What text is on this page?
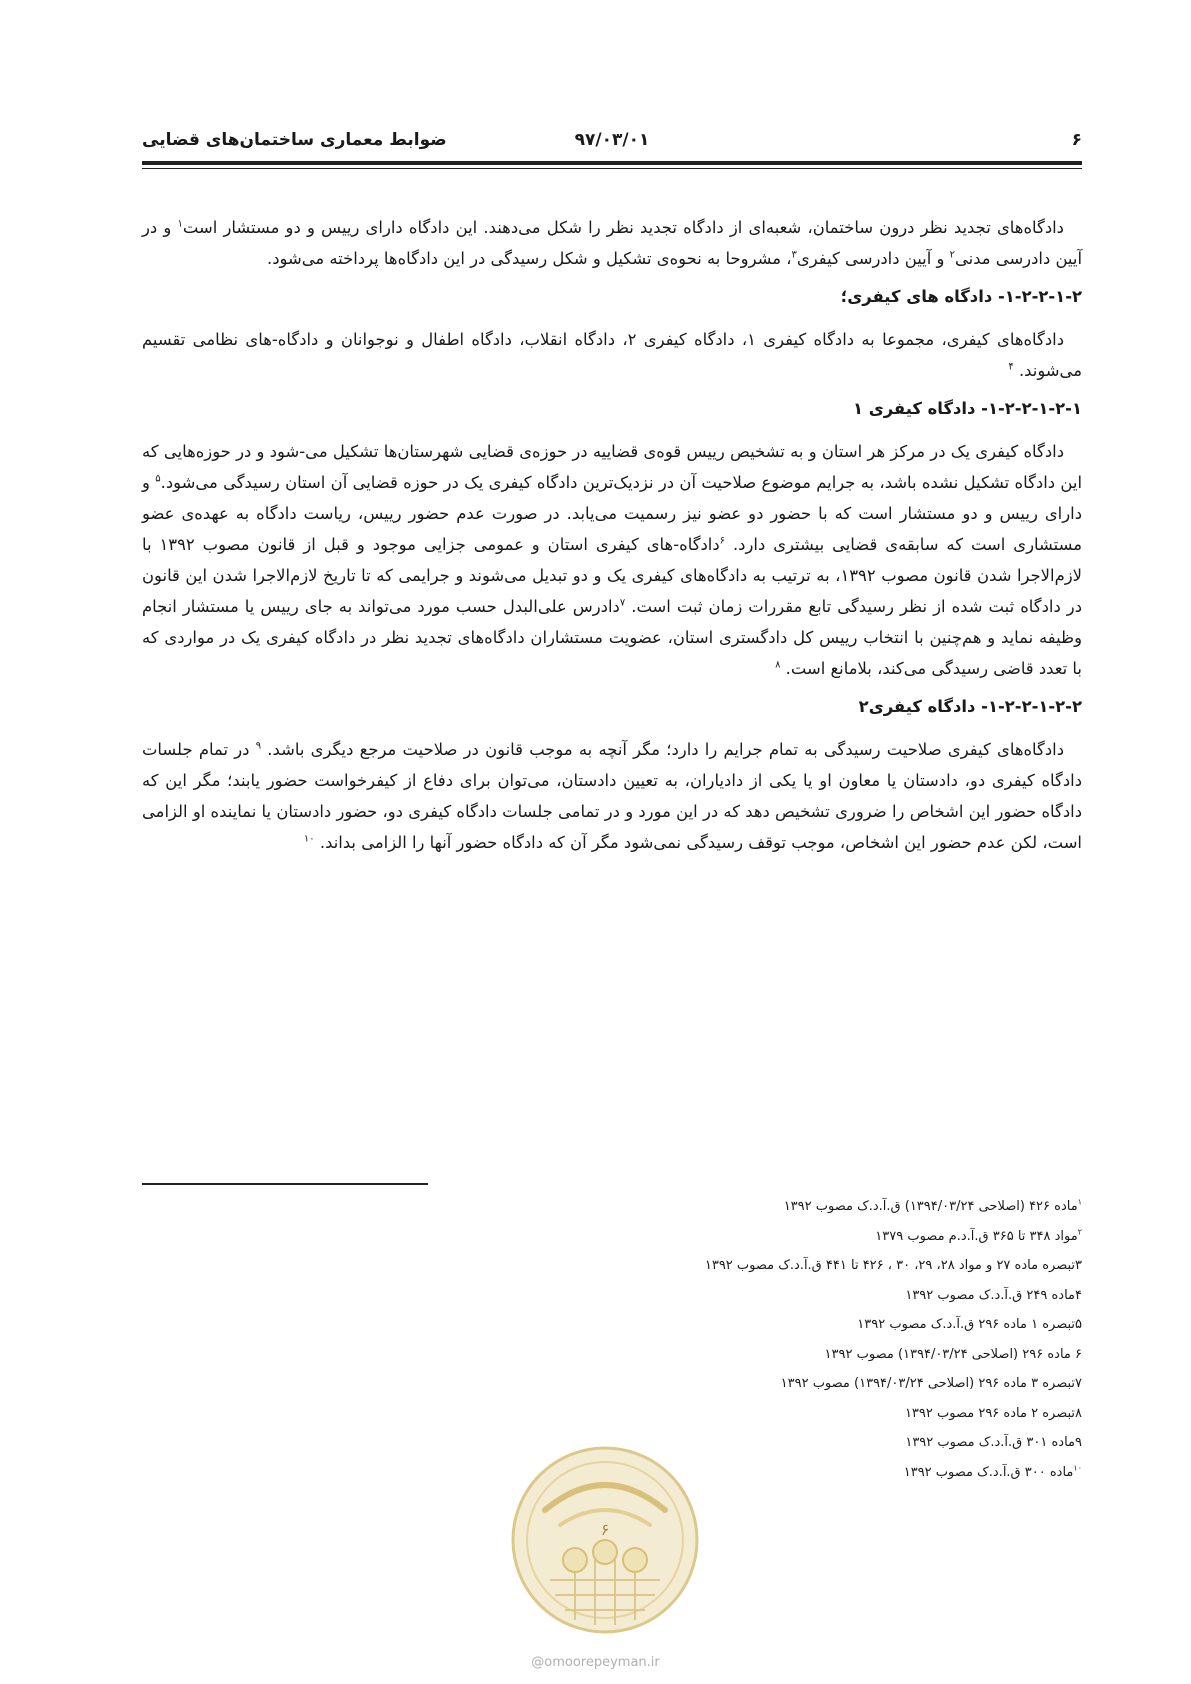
۶
۹۷/۰۳/۰۱
ضوابط معماری ساختمان‌های قضایی

دادگاه‌های تجدید نظر درون ساختمان، شعبه‌ای از دادگاه تجدید نظر را شکل می‌دهند. این دادگاه دارای رییس و دو مستشار است$^۱$ و در آیین دادرسی مدنی$^۲$ و آیین دادرسی کیفری$^۳$، مشروحا به نحوه‌ی تشکیل و شکل رسیدگی در این دادگاه‌ها پرداخته می‌شود.

۱-۲-۲-۱-۲- دادگاه های کیفری؛

دادگاه‌های کیفری، مجموعا به دادگاه کیفری ۱، دادگاه کیفری ۲، دادگاه انقلاب، دادگاه اطفال و نوجوانان و دادگاه-های نظامی تقسیم می‌شوند. $^۴$

۱-۲-۲-۱-۲-۱- دادگاه کیفری ۱

دادگاه کیفری یک در مرکز هر استان و به تشخیص رییس قوه‌ی قضاییه در حوزه‌ی قضایی شهرستان‌ها تشکیل می-شود و در حوزه‌هایی که این دادگاه تشکیل نشده باشد، به جرایم موضوع صلاحیت آن در نزدیک‌ترین دادگاه کیفری یک در حوزه قضایی آن استان رسیدگی می‌شود.$^۵$ و دارای رییس و دو مستشار است که با حضور دو عضو نیز رسمیت می‌یابد. در صورت عدم حضور رییس، ریاست دادگاه به عهده‌ی عضو مستشاری است که سابقه‌ی قضایی بیشتری دارد. $^۶$دادگاه-های کیفری استان و عمومی جزایی موجود و قبل از قانون مصوب ۱۳۹۲ با لازم‌الاجرا شدن قانون مصوب ۱۳۹۲، به ترتیب به دادگاه‌های کیفری یک و دو تبدیل می‌شوند و جرایمی که تا تاریخ لازم‌الاجرا شدن این قانون در دادگاه ثبت شده از نظر رسیدگی تابع مقررات زمان ثبت است. $^۷$دادرس علی‌البدل حسب مورد می‌تواند به جای رییس یا مستشار انجام وظیفه نماید و هم‌چنین با انتخاب رییس کل دادگستری استان، عضویت مستشاران دادگاه‌های تجدید نظر در دادگاه کیفری یک در مواردی که با تعدد قاضی رسیدگی می‌کند، بلامانع است. $^۸$

۱-۲-۲-۱-۲-۲- دادگاه کیفری۲

دادگاه‌های کیفری صلاحیت رسیدگی به تمام جرایم را دارد؛ مگر آنچه به موجب قانون در صلاحیت مرجع دیگری باشد. $^۹$ در تمام جلسات دادگاه کیفری دو، دادستان یا معاون او یا یکی از دادیاران، به تعیین دادستان، می‌توان برای دفاع از کیفرخواست حضور یابند؛ مگر این که دادگاه حضور این اشخاص را ضروری تشخیص دهد که در این مورد و در تمامی جلسات دادگاه کیفری دو، حضور دادستان یا نماینده او الزامی است، لکن عدم حضور این اشخاص، موجب توقف رسیدگی نمی‌شود مگر آن که دادگاه حضور آنها را الزامی بداند. $^{۱۰}$

$^۱$ماده ۴۲۶ (اصلاحی ۱۳۹۴/۰۳/۲۴) ق.آ.د.ک مصوب ۱۳۹۲
$^۲$مواد ۳۴۸ تا ۳۶۵ ق.آ.د.م مصوب ۱۳۷۹
۳تبصره ماده ۲۷ و مواد ۲۸، ۲۹، ۳۰ ، ۴۲۶ تا ۴۴۱ ق.آ.د.ک مصوب ۱۳۹۲
۴ماده ۲۴۹ ق.آ.د.ک مصوب ۱۳۹۲
۵تبصره ۱ ماده ۲۹۶ ق.آ.د.ک مصوب ۱۳۹۲
۶ ماده ۲۹۶ (اصلاحی ۱۳۹۴/۰۳/۲۴) مصوب ۱۳۹۲
۷تبصره ۳ ماده ۲۹۶ (اصلاحی ۱۳۹۴/۰۳/۲۴) مصوب ۱۳۹۲
۸تبصره ۲ ماده ۲۹۶ مصوب ۱۳۹۲
۹ماده ۳۰۱ ق.آ.د.ک مصوب ۱۳۹۲
$^{۱۰}$ماده ۳۰۰ ق.آ.د.ک مصوب ۱۳۹۲
۶
@omoorepeyman.ir
